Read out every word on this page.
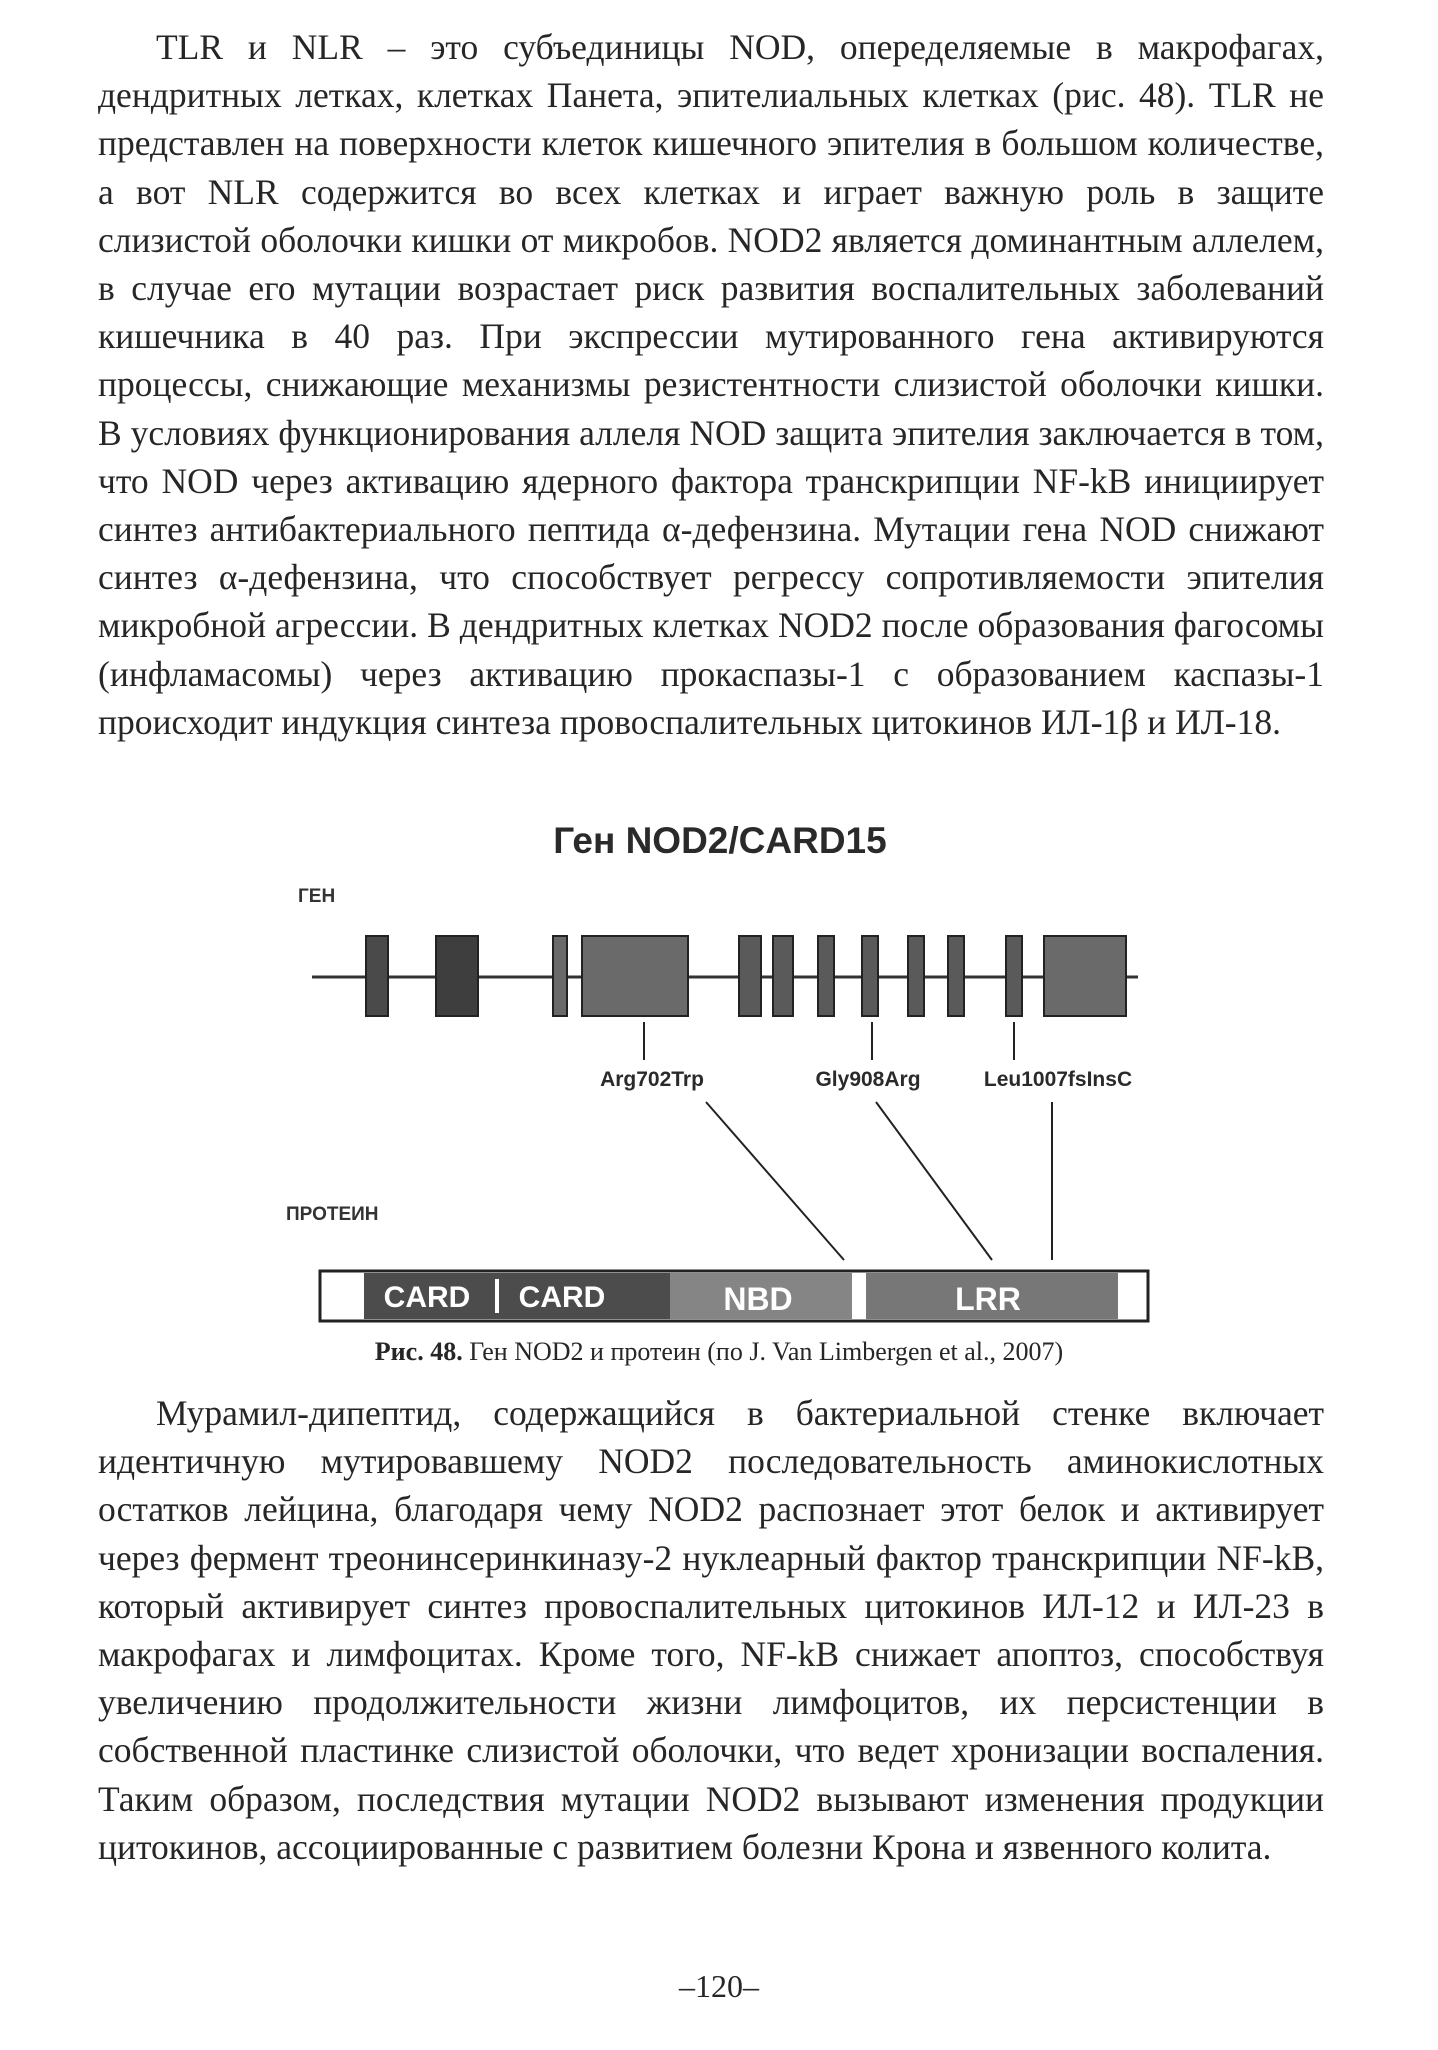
TLR и NLR – это субъединицы NOD, опеределяемые в макрофагах, дендритных летках, клетках Панета, эпителиальных клетках (рис. 48). TLR не представлен на поверхности клеток кишечного эпителия в большом количестве, а вот NLR содержится во всех клетках и играет важную роль в защите слизистой оболочки кишки от микробов. NOD2 является доминантным аллелем, в случае его мутации возрастает риск развития воспалительных заболеваний кишечника в 40 раз. При экспрессии мутированного гена активируются процессы, снижающие механизмы резистентности слизистой оболочки кишки. В условиях функционирования аллеля NOD защита эпителия заключается в том, что NOD через активацию ядерного фактора транскрипции NF-kB инициирует синтез антибактериального пептида α-дефензина. Мутации гена NOD снижают синтез α-дефензина, что способствует регрессу сопротивляемости эпителия микробной агрессии. В дендритных клетках NOD2 после образования фагосомы (инфламасомы) через активацию прокаспазы-1 с образованием каспазы-1 происходит индукция синтеза провоспалительных цитокинов ИЛ-1β и ИЛ-18.

Ген NOD2/CARD15
ГЕН
Arg702Trp	Gly908Arg	Leu1007fsInsC
ПРОТЕИН
CARD CARD	NBD	LRR

Рис. 48. Ген NOD2 и протеин (по J. Van Limbergen et al., 2007)

Мурамил-дипептид, содержащийся в бактериальной стенке включает идентичную мутировавшему NOD2 последовательность аминокислотных остатков лейцина, благодаря чему NOD2 распознает этот белок и активирует через фермент треонинсеринкиназу-2 нуклеарный фактор транскрипции NF-kB, который активирует синтез провоспалительных цитокинов ИЛ-12 и ИЛ-23 в макрофагах и лимфоцитах. Кроме того, NF-kB снижает апоптоз, способствуя увеличению продолжительности жизни лимфоцитов, их персистенции в собственной пластинке слизистой оболочки, что ведет хронизации воспаления. Таким образом, последствия мутации NOD2 вызывают изменения продукции цитокинов, ассоциированные с развитием болезни Крона и язвенного колита.

–120–
